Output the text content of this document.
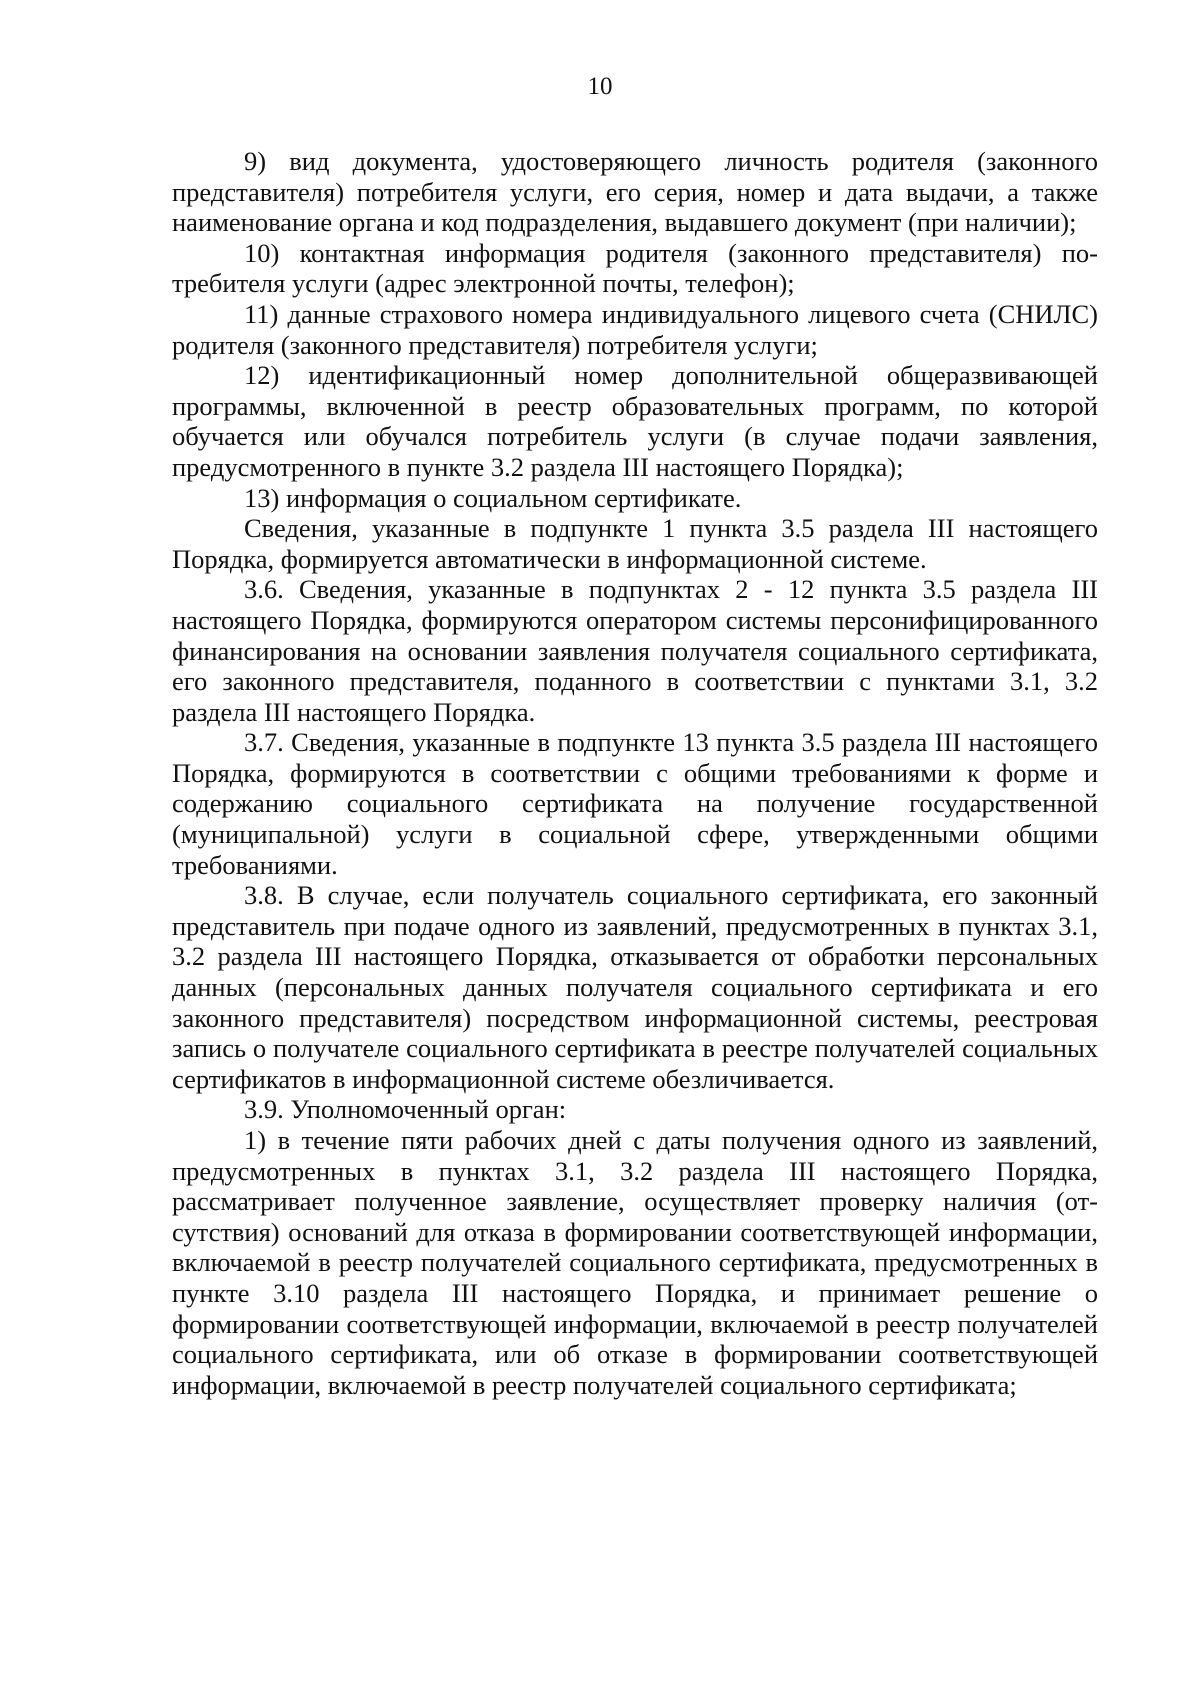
10

9) вид документа, удостоверяющего личность родителя (законного представителя) потребителя услуги, его серия, номер и дата выдачи, а также наименование органа и код подразделения, выдавшего документ (при наличии);

10) контактная информация родителя (законного представителя) потребителя услуги (адрес электронной почты, телефон);

11) данные страхового номера индивидуального лицевого счета (СНИЛС) родителя (законного представителя) потребителя услуги;

12) идентификационный номер дополнительной общеразвивающей программы, включенной в реестр образовательных программ, по которой обучается или обучался потребитель услуги (в случае подачи заявления, предусмотренного в пункте 3.2 раздела III настоящего Порядка);

13) информация о социальном сертификате.

Сведения, указанные в подпункте 1 пункта 3.5 раздела III настоящего Порядка, формируется автоматически в информационной системе.

3.6. Сведения, указанные в подпунктах 2 - 12 пункта 3.5 раздела III настоящего Порядка, формируются оператором системы персонифицированного финансирования на основании заявления получателя социального сертификата, его законного представителя, поданного в соответствии с пунктами 3.1, 3.2 раздела III настоящего Порядка.

3.7. Сведения, указанные в подпункте 13 пункта 3.5 раздела III настоящего Порядка, формируются в соответствии с общими требованиями к форме и содержанию социального сертификата на получение государственной (муниципальной) услуги в социальной сфере, утвержденными общими требованиями.

3.8. В случае, если получатель социального сертификата, его законный представитель при подаче одного из заявлений, предусмотренных в пунктах 3.1, 3.2 раздела III настоящего Порядка, отказывается от обработки персональных данных (персональных данных получателя социального сертификата и его законного представителя) посредством информационной системы, реестровая запись о получателе социального сертификата в реестре получателей социальных сертификатов в информационной системе обезличивается.

3.9. Уполномоченный орган:

1) в течение пяти рабочих дней с даты получения одного из заявлений, предусмотренных в пунктах 3.1, 3.2 раздела III настоящего Порядка, рассматривает полученное заявление, осуществляет проверку наличия (отсутствия) оснований для отказа в формировании соответствующей информации, включаемой в реестр получателей социального сертификата, предусмотренных в пункте 3.10 раздела III настоящего Порядка, и принимает решение о формировании соответствующей информации, включаемой в реестр получателей социального сертификата, или об отказе в формировании соответствующей информации, включаемой в реестр получателей социального сертификата;
